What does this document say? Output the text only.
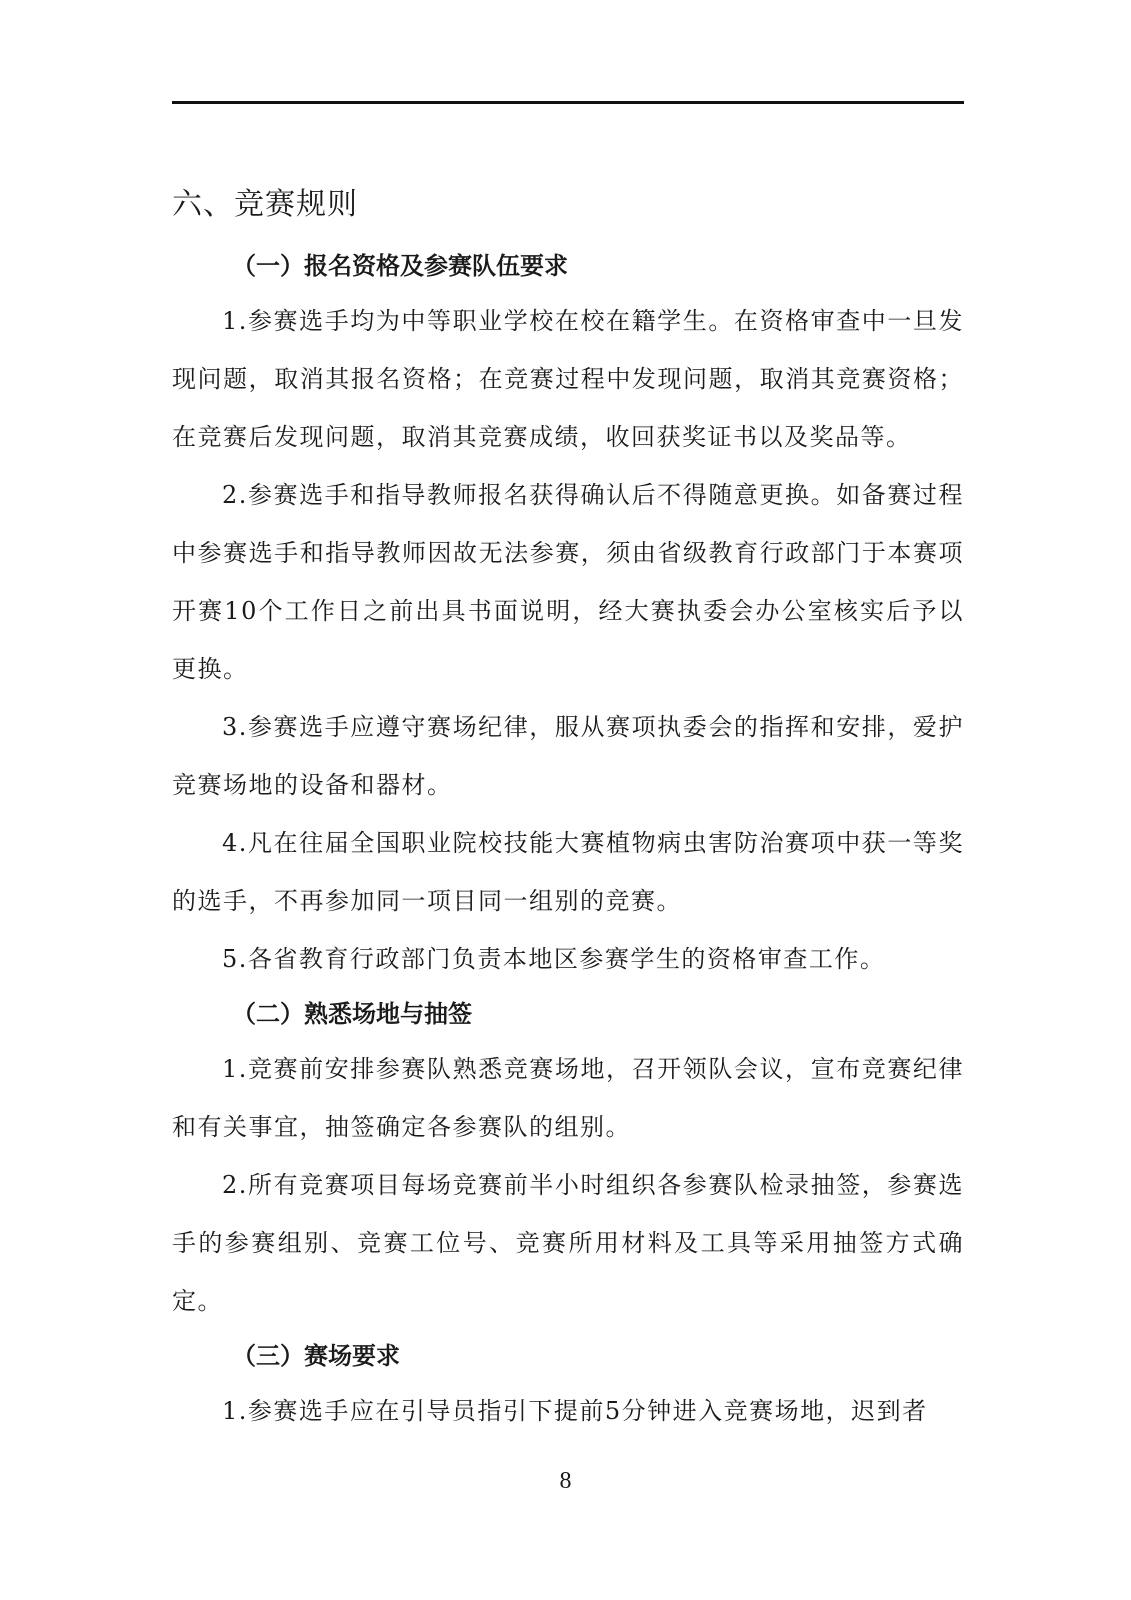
六、竞赛规则
（一）报名资格及参赛队伍要求

1.参赛选手均为中等职业学校在校在籍学生。在资格审查中一旦发现问题，取消其报名资格；在竞赛过程中发现问题，取消其竞赛资格；在竞赛后发现问题，取消其竞赛成绩，收回获奖证书以及奖品等。

2.参赛选手和指导教师报名获得确认后不得随意更换。如备赛过程中参赛选手和指导教师因故无法参赛，须由省级教育行政部门于本赛项开赛10个工作日之前出具书面说明，经大赛执委会办公室核实后予以更换。

3.参赛选手应遵守赛场纪律，服从赛项执委会的指挥和安排，爱护竞赛场地的设备和器材。

4.凡在往届全国职业院校技能大赛植物病虫害防治赛项中获一等奖的选手，不再参加同一项目同一组别的竞赛。

5.各省教育行政部门负责本地区参赛学生的资格审查工作。

（二）熟悉场地与抽签

1.竞赛前安排参赛队熟悉竞赛场地，召开领队会议，宣布竞赛纪律和有关事宜，抽签确定各参赛队的组别。

2.所有竞赛项目每场竞赛前半小时组织各参赛队检录抽签，参赛选手的参赛组别、竞赛工位号、竞赛所用材料及工具等采用抽签方式确定。

（三）赛场要求

1.参赛选手应在引导员指引下提前5分钟进入竞赛场地，迟到者

8
